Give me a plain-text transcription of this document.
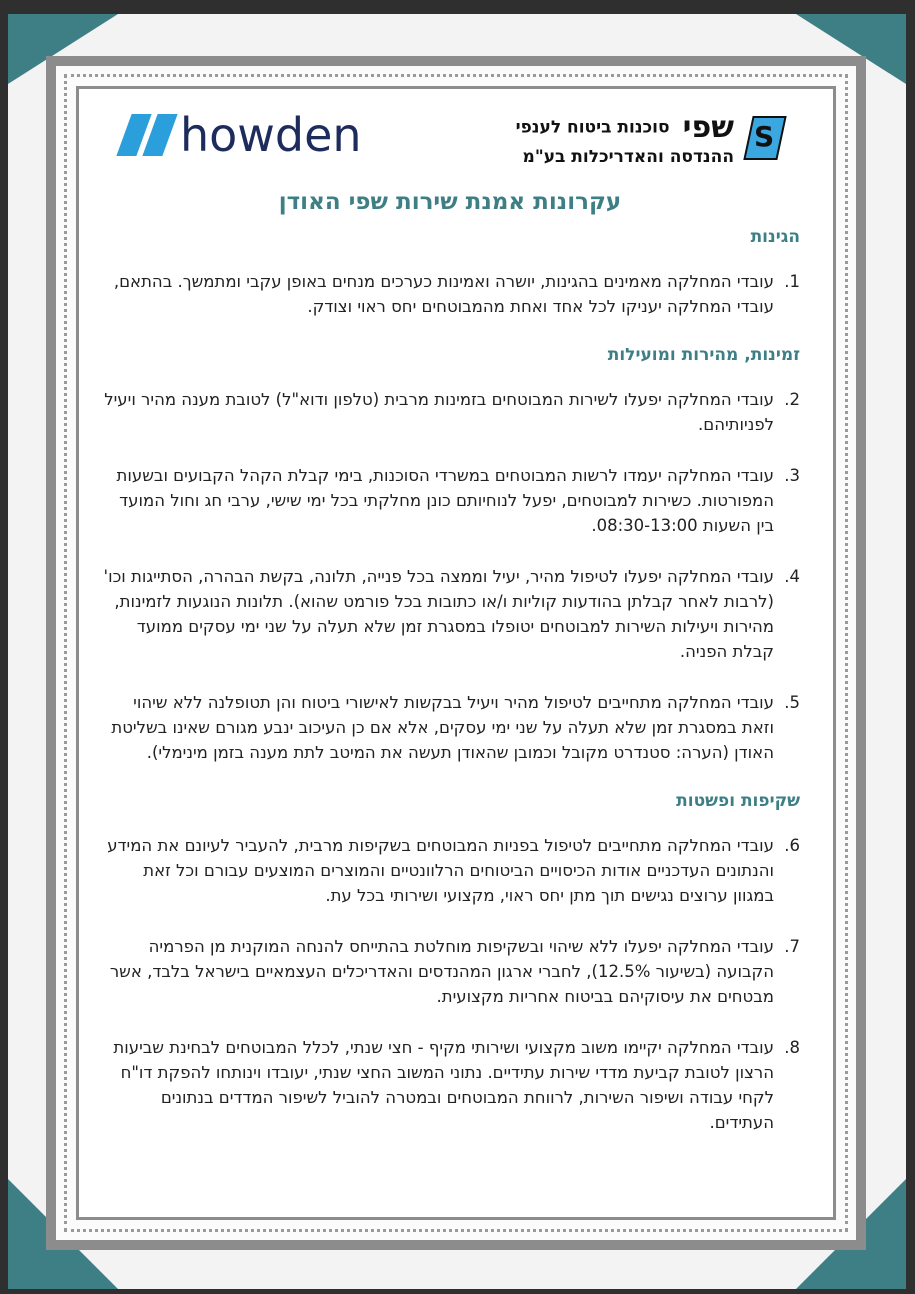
howden	שפי סוכנות ביטוח לענפי
ההנדסה והאדריכלות בע"מ
S
עקרונות אמנת שירות שפי האודן
הגינות
1.
עובדי המחלקה מאמינים בהגינות, יושרה ואמינות כערכים מנחים באופן עקבי ומתמשך. בהתאם, עובדי המחלקה יעניקו לכל אחד ואחת מהמבוטחים יחס ראוי וצודק.
זמינות, מהירות ומועילות
2.
עובדי המחלקה יפעלו לשירות המבוטחים בזמינות מרבית (טלפון ודוא"ל) לטובת מענה מהיר ויעיל לפניותיהם.
3.
עובדי המחלקה יעמדו לרשות המבוטחים במשרדי הסוכנות, בימי קבלת הקהל הקבועים ובשעות המפורטות. כשירות למבוטחים, יפעל לנוחיותם כונן מחלקתי בכל ימי שישי, ערבי חג וחול המועד בין השעות 08:30-13:00.
4.
עובדי המחלקה יפעלו לטיפול מהיר, יעיל וממצה בכל פנייה, תלונה, בקשת הבהרה, הסתייגות וכו' (לרבות לאחר קבלתן בהודעות קוליות ו/או כתובות בכל פורמט שהוא). תלונות הנוגעות לזמינות, מהירות ויעילות השירות למבוטחים יטופלו במסגרת זמן שלא תעלה על שני ימי עסקים ממועד קבלת הפניה.
5.
עובדי המחלקה מתחייבים לטיפול מהיר ויעיל בבקשות לאישורי ביטוח והן תטופלנה ללא שיהוי וזאת במסגרת זמן שלא תעלה על שני ימי עסקים, אלא אם כן העיכוב ינבע מגורם שאינו בשליטת האודן (הערה: סטנדרט מקובל וכמובן שהאודן תעשה את המיטב לתת מענה בזמן מינימלי).
שקיפות ופשטות
6.
עובדי המחלקה מתחייבים לטיפול בפניות המבוטחים בשקיפות מרבית, להעביר לעיונם את המידע והנתונים העדכניים אודות הכיסויים הביטוחים הרלוונטיים והמוצרים המוצעים עבורם וכל זאת במגוון ערוצים נגישים תוך מתן יחס ראוי, מקצועי ושירותי בכל עת.
7.
עובדי המחלקה יפעלו ללא שיהוי ובשקיפות מוחלטת בהתייחס להנחה המוקנית מן הפרמיה הקבועה (בשיעור 12.5%), לחברי ארגון המהנדסים והאדריכלים העצמאיים בישראל בלבד, אשר מבטחים את עיסוקיהם בביטוח אחריות מקצועית.
8.
עובדי המחלקה יקיימו משוב מקצועי ושירותי מקיף - חצי שנתי, לכלל המבוטחים לבחינת שביעות הרצון לטובת קביעת מדדי שירות עתידיים. נתוני המשוב החצי שנתי, יעובדו וינותחו להפקת דו"ח לקחי עבודה ושיפור השירות, לרווחת המבוטחים ובמטרה להוביל לשיפור המדדים בנתונים העתידים.
